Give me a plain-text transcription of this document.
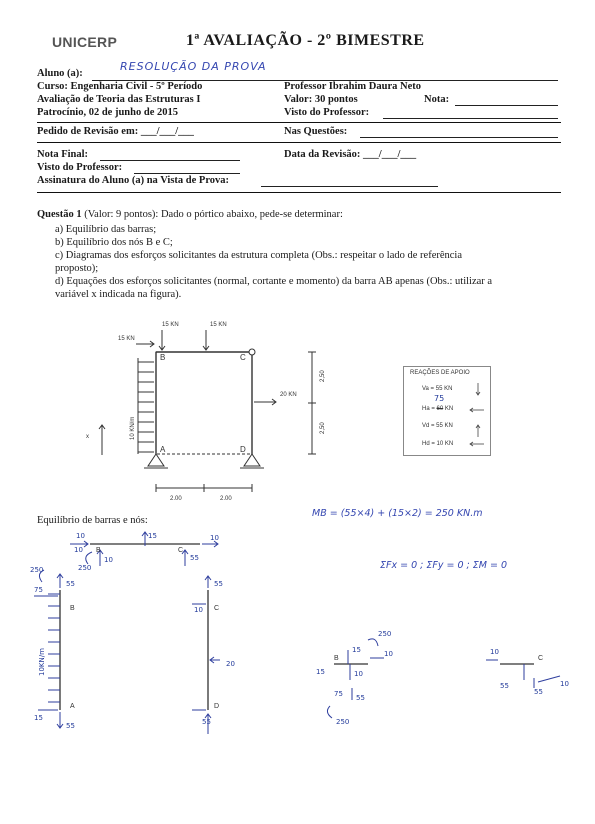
UNICERP	1ª AVALIAÇÃO - 2º BIMESTRE
Aluno (a):
RESOLUÇÃO DA PROVA
Curso: Engenharia Civil - 5º Período
Avaliação de Teoria das Estruturas I
Patrocínio, 02 de junho de 2015
Professor Ibrahim Daura Neto
Valor: 30 pontos	Nota:
Visto do Professor:
Pedido de Revisão em: ___/___/___	Nas Questões:
Nota Final:	Data da Revisão: ___/___/___
Visto do Professor:
Assinatura do Aluno (a) na Vista de Prova:
Questão 1 (Valor: 9 pontos): Dado o pórtico abaixo, pede-se determinar:
a) Equilíbrio das barras;
b) Equilíbrio dos nós B e C;
c) Diagramas dos esforços solicitantes da estrutura completa (Obs.: respeitar o lado de referência
proposto);
d) Equações dos esforços solicitantes (normal, cortante e momento) da barra AB apenas (Obs.: utilizar a
variável x indicada na figura).
15 KN	15 KN
15 KN
20 KN
B	C
A	D
x
2,00	2,00
2,50
2,50
10 KN/m
REAÇÕES DE APOIO
Va = 55 KN
Ha = 60 KN
75
Vd = 55 KN
Hd = 10 KN
Equilíbrio de barras e nós:
MB = (55×4) + (15×2) = 250 KN.m
ΣFx = 0 ; ΣFy = 0 ; ΣM = 0
10	15	10
10
10
250
55
250
55
75
10KN/m
15
55
55
10
20
55
15
250
10
15	10
75 55
250
10
55
55
10
B	C
B
A
C
D
B	C
